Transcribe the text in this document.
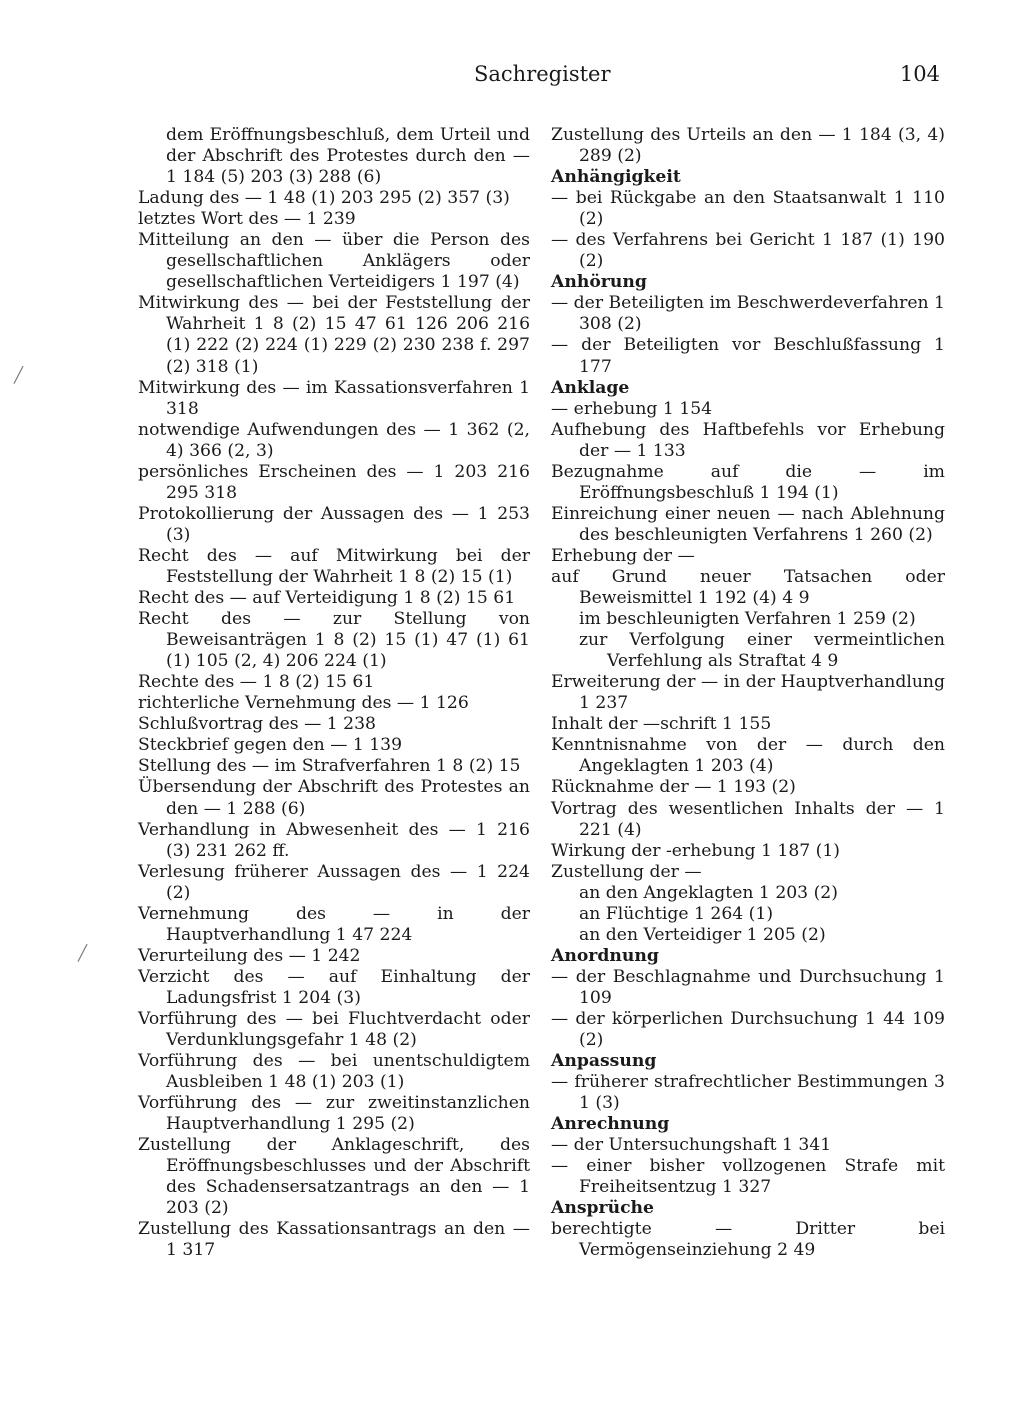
Sachregister	104
dem Eröffnungsbeschluß, dem Urteil und der Abschrift des Protestes durch den — 1 184 (5) 203 (3) 288 (6)
Ladung des — 1 48 (1) 203 295 (2) 357 (3)
letztes Wort des — 1 239
Mitteilung an den — über die Person des gesellschaftlichen Anklägers oder gesellschaftlichen Verteidigers 1 197 (4)
Mitwirkung des — bei der Feststellung der Wahrheit 1 8 (2) 15 47 61 126 206 216 (1) 222 (2) 224 (1) 229 (2) 230 238 f. 297 (2) 318 (1)
Mitwirkung des — im Kassationsverfahren 1 318
notwendige Aufwendungen des — 1 362 (2, 4) 366 (2, 3)
persönliches Erscheinen des — 1 203 216 295 318
Protokollierung der Aussagen des — 1 253 (3)
Recht des — auf Mitwirkung bei der Feststellung der Wahrheit 1 8 (2) 15 (1)
Recht des — auf Verteidigung 1 8 (2) 15 61
Recht des — zur Stellung von Beweisanträgen 1 8 (2) 15 (1) 47 (1) 61 (1) 105 (2, 4) 206 224 (1)
Rechte des — 1 8 (2) 15 61
richterliche Vernehmung des — 1 126
Schlußvortrag des — 1 238
Steckbrief gegen den — 1 139
Stellung des — im Strafverfahren 1 8 (2) 15
Übersendung der Abschrift des Protestes an den — 1 288 (6)
Verhandlung in Abwesenheit des — 1 216 (3) 231 262 ff.
Verlesung früherer Aussagen des — 1 224 (2)
Vernehmung des — in der Hauptverhandlung 1 47 224
Verurteilung des — 1 242
Verzicht des — auf Einhaltung der Ladungsfrist 1 204 (3)
Vorführung des — bei Fluchtverdacht oder Verdunklungsgefahr 1 48 (2)
Vorführung des — bei unentschuldigtem Ausbleiben 1 48 (1) 203 (1)
Vorführung des — zur zweitinstanzlichen Hauptverhandlung 1 295 (2)
Zustellung der Anklageschrift, des Eröffnungsbeschlusses und der Abschrift des Schadensersatzantrags an den — 1 203 (2)
Zustellung des Kassationsantrags an den — 1 317
Zustellung des Urteils an den — 1 184 (3, 4) 289 (2)
Anhängigkeit
— bei Rückgabe an den Staatsanwalt 1 110 (2)
— des Verfahrens bei Gericht 1 187 (1) 190 (2)
Anhörung
— der Beteiligten im Beschwerdeverfahren 1 308 (2)
— der Beteiligten vor Beschlußfassung 1 177
Anklage
— erhebung 1 154
Aufhebung des Haftbefehls vor Erhebung der — 1 133
Bezugnahme auf die — im Eröffnungsbeschluß 1 194 (1)
Einreichung einer neuen — nach Ablehnung des beschleunigten Verfahrens 1 260 (2)
Erhebung der —
auf Grund neuer Tatsachen oder Beweismittel 1 192 (4) 4 9
im beschleunigten Verfahren 1 259 (2)
zur Verfolgung einer vermeintlichen Verfehlung als Straftat 4 9
Erweiterung der — in der Hauptverhandlung 1 237
Inhalt der —schrift 1 155
Kenntnisnahme von der — durch den Angeklagten 1 203 (4)
Rücknahme der — 1 193 (2)
Vortrag des wesentlichen Inhalts der — 1 221 (4)
Wirkung der -erhebung 1 187 (1)
Zustellung der —
an den Angeklagten 1 203 (2)
an Flüchtige 1 264 (1)
an den Verteidiger 1 205 (2)
Anordnung
— der Beschlagnahme und Durchsuchung 1 109
— der körperlichen Durchsuchung 1 44 109 (2)
Anpassung
— früherer strafrechtlicher Bestimmungen 3 1 (3)
Anrechnung
— der Untersuchungshaft 1 341
— einer bisher vollzogenen Strafe mit Freiheitsentzug 1 327
Ansprüche
berechtigte — Dritter bei Vermögenseinziehung 2 49
╱
╱
